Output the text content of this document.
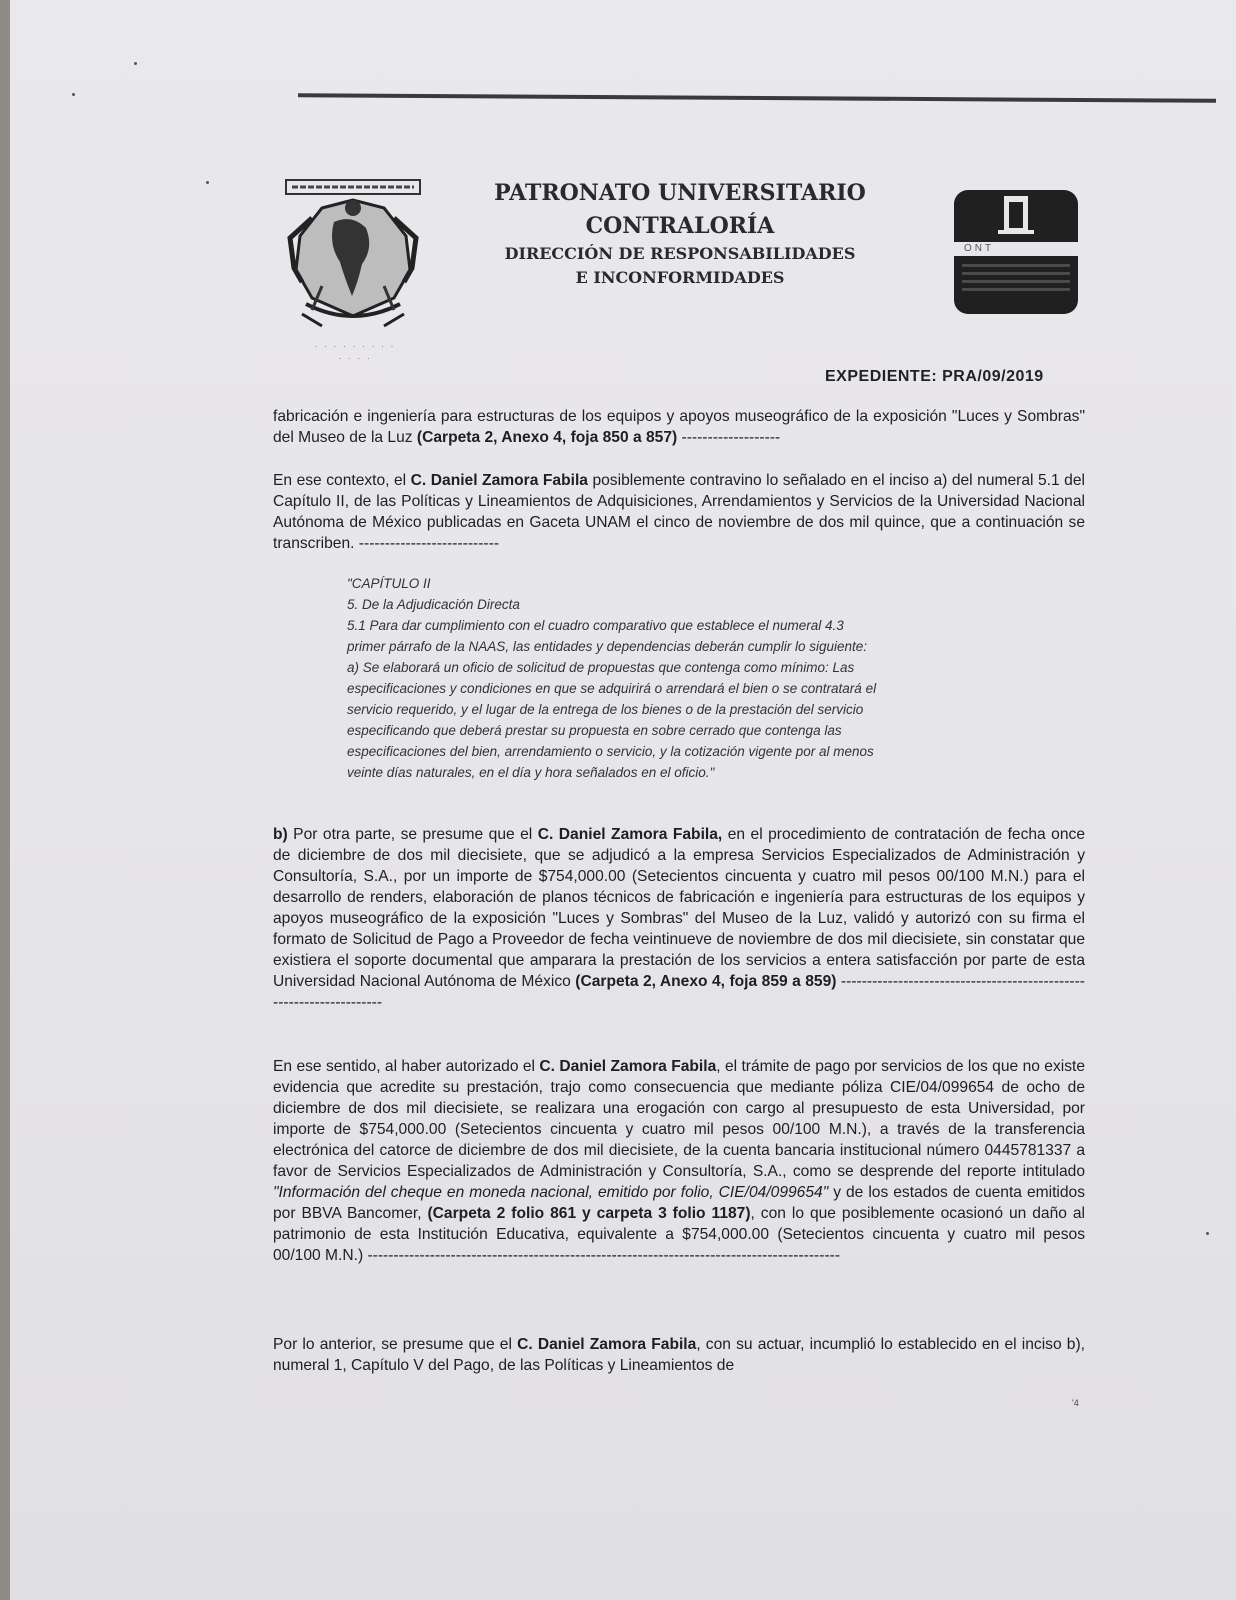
· · · · · · · · ·
· · · ·
PATRONATO UNIVERSITARIO
CONTRALORÍA
DIRECCIÓN DE RESPONSABILIDADES
E INCONFORMIDADES
ONT
EXPEDIENTE: PRA/09/2019
fabricación e ingeniería para estructuras de los equipos y apoyos museográfico de la exposición "Luces y Sombras" del Museo de la Luz (Carpeta 2, Anexo 4, foja 850 a 857) -------------------
En ese contexto, el C. Daniel Zamora Fabila posiblemente contravino lo señalado en el inciso a) del numeral 5.1 del Capítulo II, de las Políticas y Lineamientos de Adquisiciones, Arrendamientos y Servicios de la Universidad Nacional Autónoma de México publicadas en Gaceta UNAM el cinco de noviembre de dos mil quince, que a continuación se transcriben. ---------------------------
"CAPÍTULO II
5. De la Adjudicación Directa
5.1 Para dar cumplimiento con el cuadro comparativo que establece el numeral 4.3
primer párrafo de la NAAS, las entidades y dependencias deberán cumplir lo siguiente:
a) Se elaborará un oficio de solicitud de propuestas que contenga como mínimo: Las
especificaciones y condiciones en que se adquirirá o arrendará el bien o se contratará el
servicio requerido, y el lugar de la entrega de los bienes o de la prestación del servicio
especificando que deberá prestar su propuesta en sobre cerrado que contenga las
especificaciones del bien, arrendamiento o servicio, y la cotización vigente por al menos
veinte días naturales, en el día y hora señalados en el oficio."
b) Por otra parte, se presume que el C. Daniel Zamora Fabila, en el procedimiento de contratación de fecha once de diciembre de dos mil diecisiete, que se adjudicó a la empresa Servicios Especializados de Administración y Consultoría, S.A., por un importe de $754,000.00 (Setecientos cincuenta y cuatro mil pesos 00/100 M.N.) para el desarrollo de renders, elaboración de planos técnicos de fabricación e ingeniería para estructuras de los equipos y apoyos museográfico de la exposición "Luces y Sombras" del Museo de la Luz, validó y autorizó con su firma el formato de Solicitud de Pago a Proveedor de fecha veintinueve de noviembre de dos mil diecisiete, sin constatar que existiera el soporte documental que amparara la prestación de los servicios a entera satisfacción por parte de esta Universidad Nacional Autónoma de México (Carpeta 2, Anexo 4, foja 859 a 859) --------------------------------------------------------------------
En ese sentido, al haber autorizado el C. Daniel Zamora Fabila, el trámite de pago por servicios de los que no existe evidencia que acredite su prestación, trajo como consecuencia que mediante póliza CIE/04/099654 de ocho de diciembre de dos mil diecisiete, se realizara una erogación con cargo al presupuesto de esta Universidad, por importe de $754,000.00 (Setecientos cincuenta y cuatro mil pesos 00/100 M.N.), a través de la transferencia electrónica del catorce de diciembre de dos mil diecisiete, de la cuenta bancaria institucional número 0445781337 a favor de Servicios Especializados de Administración y Consultoría, S.A., como se desprende del reporte intitulado "Información del cheque en moneda nacional, emitido por folio, CIE/04/099654" y de los estados de cuenta emitidos por BBVA Bancomer, (Carpeta 2 folio 861 y carpeta 3 folio 1187), con lo que posiblemente ocasionó un daño al patrimonio de esta Institución Educativa, equivalente a $754,000.00 (Setecientos cincuenta y cuatro mil pesos 00/100 M.N.) -------------------------------------------------------------------------------------------
Por lo anterior, se presume que el C. Daniel Zamora Fabila, con su actuar, incumplió lo establecido en el inciso b), numeral 1, Capítulo V del Pago, de las Políticas y Lineamientos de
'4
